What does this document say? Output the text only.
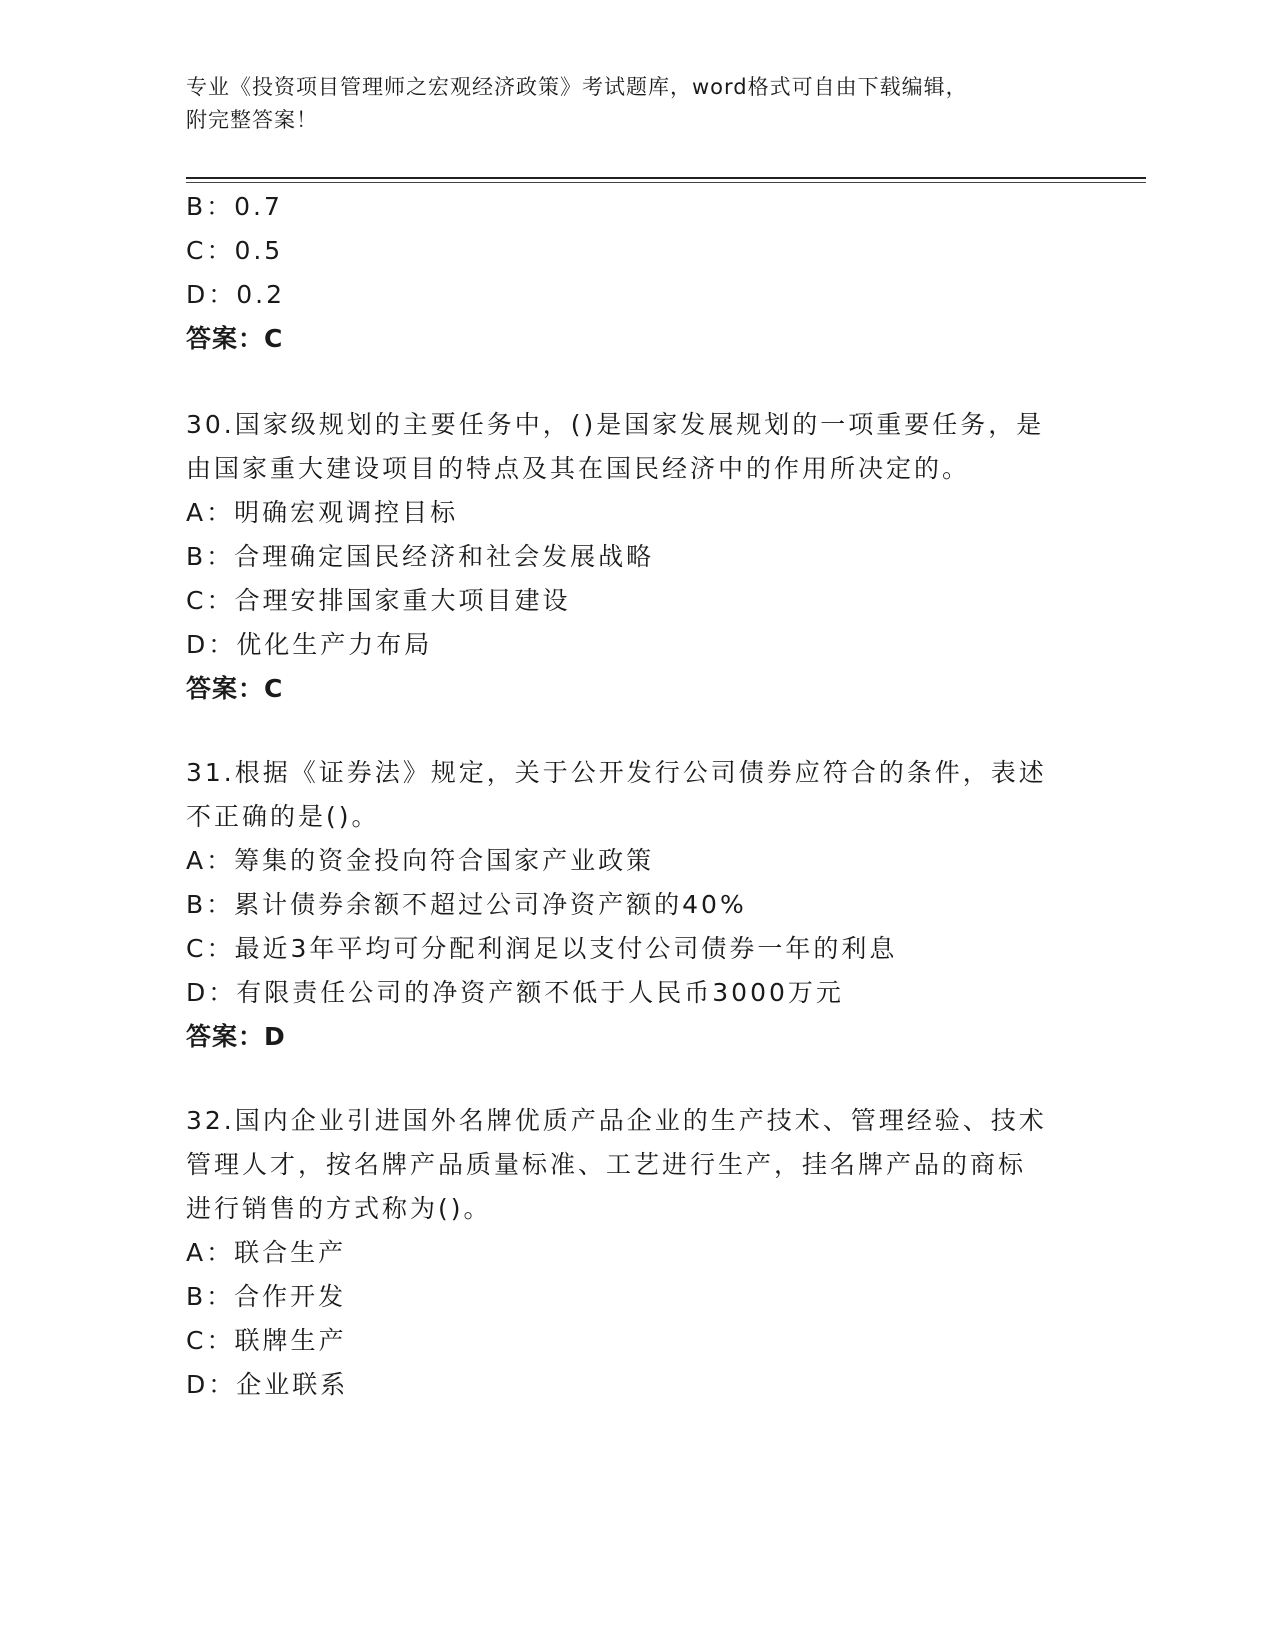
专业《投资项目管理师之宏观经济政策》考试题库，word格式可自由下载编辑，
附完整答案！
B：0.7
C：0.5
D：0.2
答案：C
30.国家级规划的主要任务中，()是国家发展规划的一项重要任务，是
由国家重大建设项目的特点及其在国民经济中的作用所决定的。
A：明确宏观调控目标
B：合理确定国民经济和社会发展战略
C：合理安排国家重大项目建设
D：优化生产力布局
答案：C
31.根据《证券法》规定，关于公开发行公司债券应符合的条件，表述
不正确的是()。
A：筹集的资金投向符合国家产业政策
B：累计债券余额不超过公司净资产额的40%
C：最近3年平均可分配利润足以支付公司债券一年的利息
D：有限责任公司的净资产额不低于人民币3000万元
答案：D
32.国内企业引进国外名牌优质产品企业的生产技术、管理经验、技术
管理人才，按名牌产品质量标准、工艺进行生产，挂名牌产品的商标
进行销售的方式称为()。
A：联合生产
B：合作开发
C：联牌生产
D：企业联系
